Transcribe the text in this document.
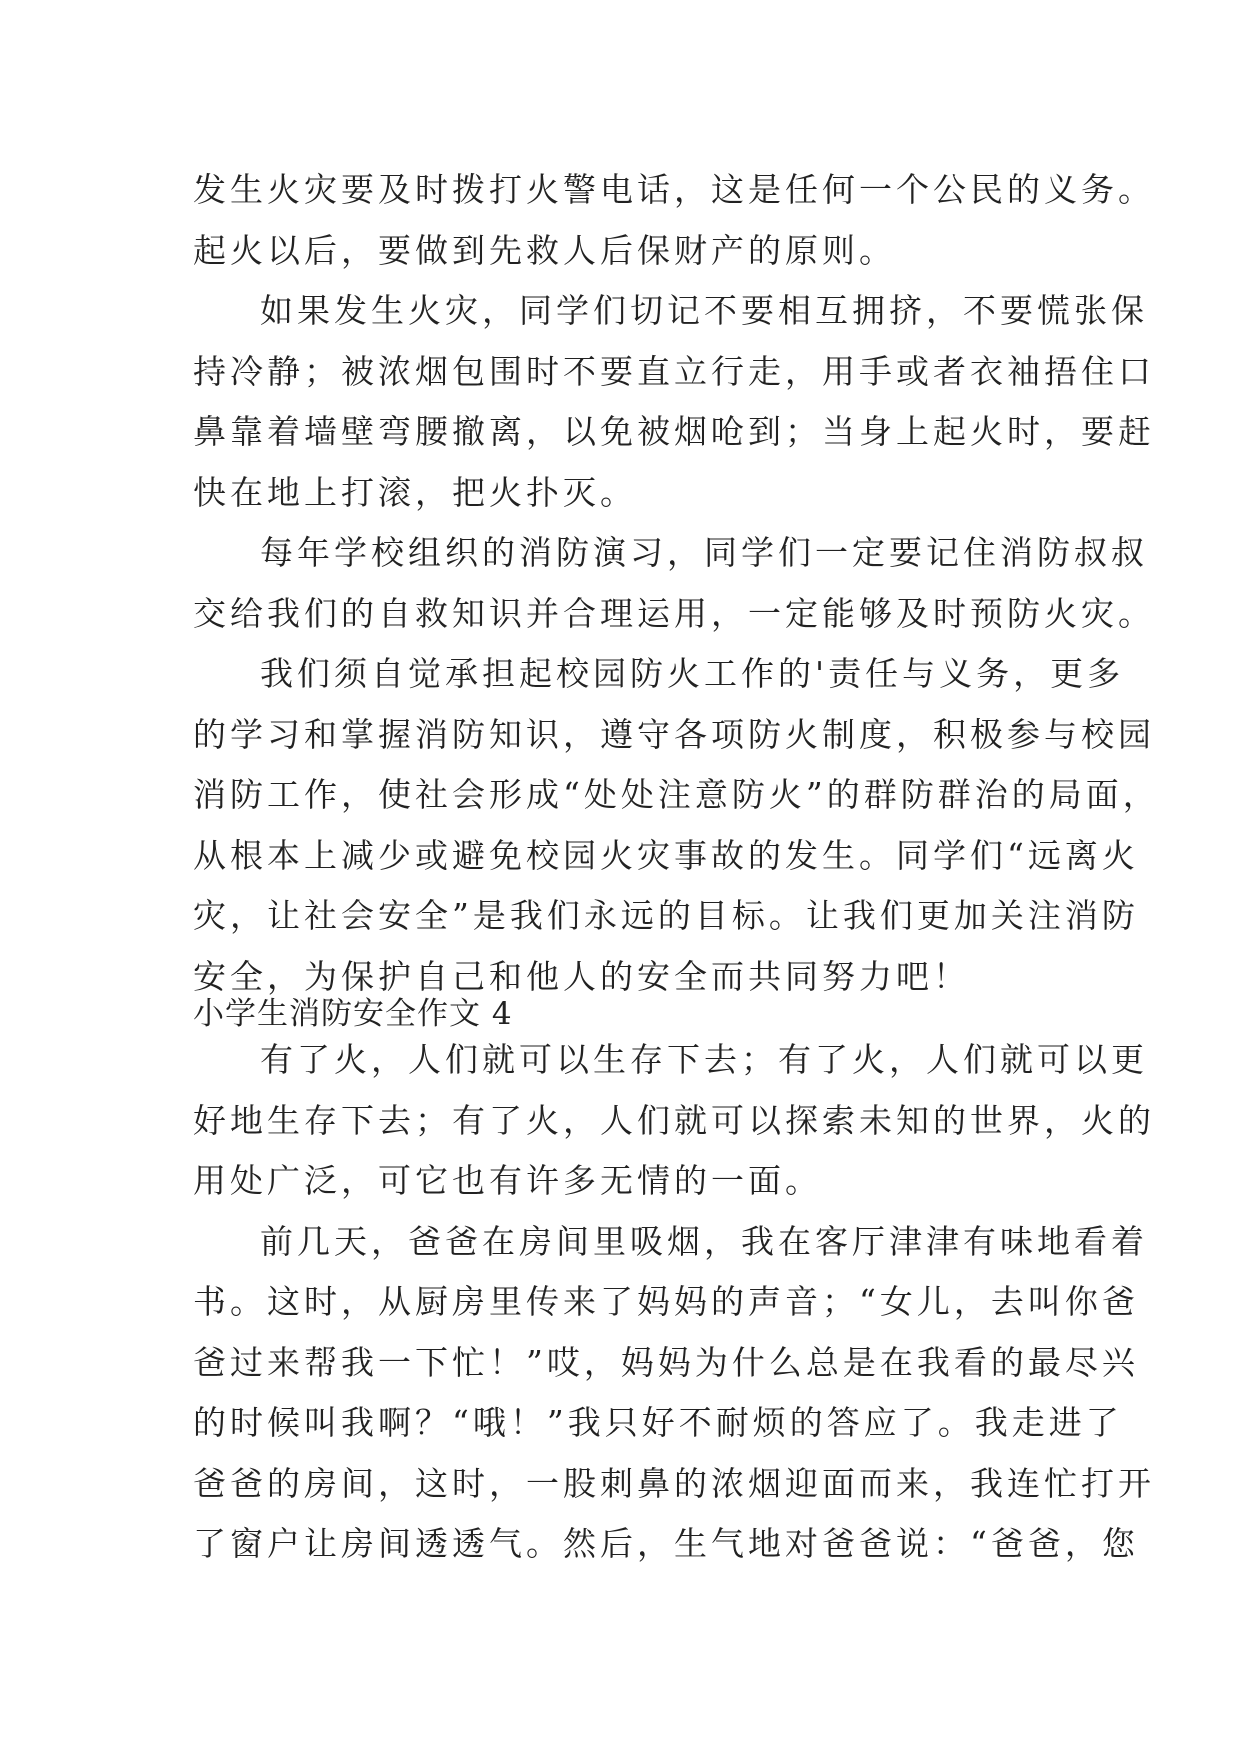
发生火灾要及时拨打火警电话，这是任何一个公民的义务。
起火以后，要做到先救人后保财产的原则。
如果发生火灾，同学们切记不要相互拥挤，不要慌张保
持冷静；被浓烟包围时不要直立行走，用手或者衣袖捂住口
鼻靠着墙壁弯腰撤离，以免被烟呛到；当身上起火时，要赶
快在地上打滚，把火扑灭。
每年学校组织的消防演习，同学们一定要记住消防叔叔
交给我们的自救知识并合理运用，一定能够及时预防火灾。
我们须自觉承担起校园防火工作的'责任与义务，更多
的学习和掌握消防知识，遵守各项防火制度，积极参与校园
消防工作，使社会形成“处处注意防火”的群防群治的局面，
从根本上减少或避免校园火灾事故的发生。同学们“远离火
灾，让社会安全”是我们永远的目标。让我们更加关注消防
安全，为保护自己和他人的安全而共同努力吧！
小学生消防安全作文 4
有了火，人们就可以生存下去；有了火，人们就可以更
好地生存下去；有了火，人们就可以探索未知的世界，火的
用处广泛，可它也有许多无情的一面。
前几天，爸爸在房间里吸烟，我在客厅津津有味地看着
书。这时，从厨房里传来了妈妈的声音；“女儿，去叫你爸
爸过来帮我一下忙！”哎，妈妈为什么总是在我看的最尽兴
的时候叫我啊？“哦！”我只好不耐烦的答应了。我走进了
爸爸的房间，这时，一股刺鼻的浓烟迎面而来，我连忙打开
了窗户让房间透透气。然后，生气地对爸爸说：“爸爸，您
